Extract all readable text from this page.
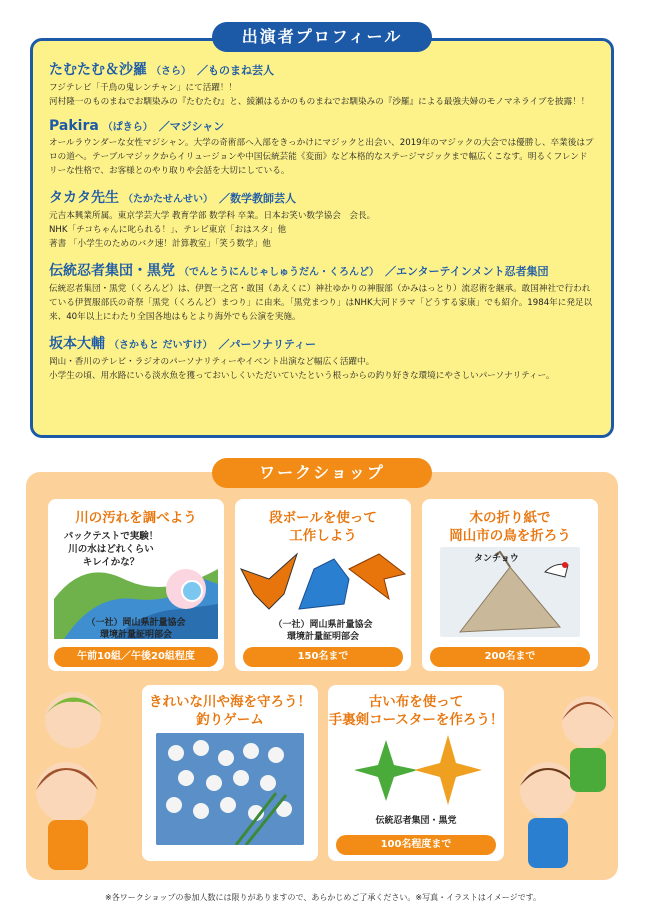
出演者プロフィール
たむたむ＆沙羅 （さら） ／ものまね芸人
フジテレビ「千鳥の鬼レンチャン」にて活躍！！
河村隆一のものまねでお馴染みの『たむたむ』と、綾瀬はるかのものまねでお馴染みの『沙羅』による最強夫婦のモノマネライブを披露！！
Pakira （ぱきら） ／マジシャン
オールラウンダーな女性マジシャン。大学の奇術部へ入部をきっかけにマジックと出会い、2019年のマジックの大会では優勝し、卒業後はプロの道へ。テーブルマジックからイリュージョンや中国伝統芸能《変面》など本格的なステージマジックまで幅広くこなす。明るくフレンドリーな性格で、お客様とのやり取りや会話を大切にしている。
タカタ先生 （たかたせんせい） ／数学教師芸人
元吉本興業所属。東京学芸大学 教育学部 数学科 卒業。日本お笑い数学協会　会長。
NHK「チコちゃんに叱られる！」、テレビ東京「おはスタ」他
著書 「小学生のためのバク速！計算教室」「笑う数学」他
伝統忍者集団・黒党 （でんとうにんじゃしゅうだん・くろんど） ／エンターテインメント忍者集団
伝統忍者集団・黒党（くろんど）は、伊賀一之宮・敢国（あえくに）神社ゆかりの神服部（かみはっとり）流忍術を継承。敢国神社で行われている伊賀服部氏の奇祭「黒党（くろんど）まつり」に由来。「黒党まつり」はNHK大河ドラマ「どうする家康」でも紹介。1984年に発足以来、40年以上にわたり全国各地はもとより海外でも公演を実施。
坂本大輔 （さかもと だいすけ） ／パーソナリティー
岡山・香川のテレビ・ラジオのパーソナリティーやイベント出演など幅広く活躍中。
小学生の頃、用水路にいる淡水魚を獲っておいしくいただいていたという根っからの釣り好きな環境にやさしいパーソナリティー。
ワークショップ
川の汚れを調べよう
パックテストで実験！
川の水はどれくらい
キレイかな？
（一社）岡山県計量協会
環境計量証明部会
午前10組／午後20組程度
段ボールを使って
工作しよう
（一社）岡山県計量協会
環境計量証明部会
150名まで
木の折り紙で
岡山市の鳥を折ろう
タンチョウ
200名まで
きれいな川や海を守ろう！
釣りゲーム
古い布を使って
手裏剣コースターを作ろう！
伝統忍者集団・黒党
100名程度まで
※各ワークショップの参加人数には限りがありますので、あらかじめご了承ください。※写真・イラストはイメージです。
